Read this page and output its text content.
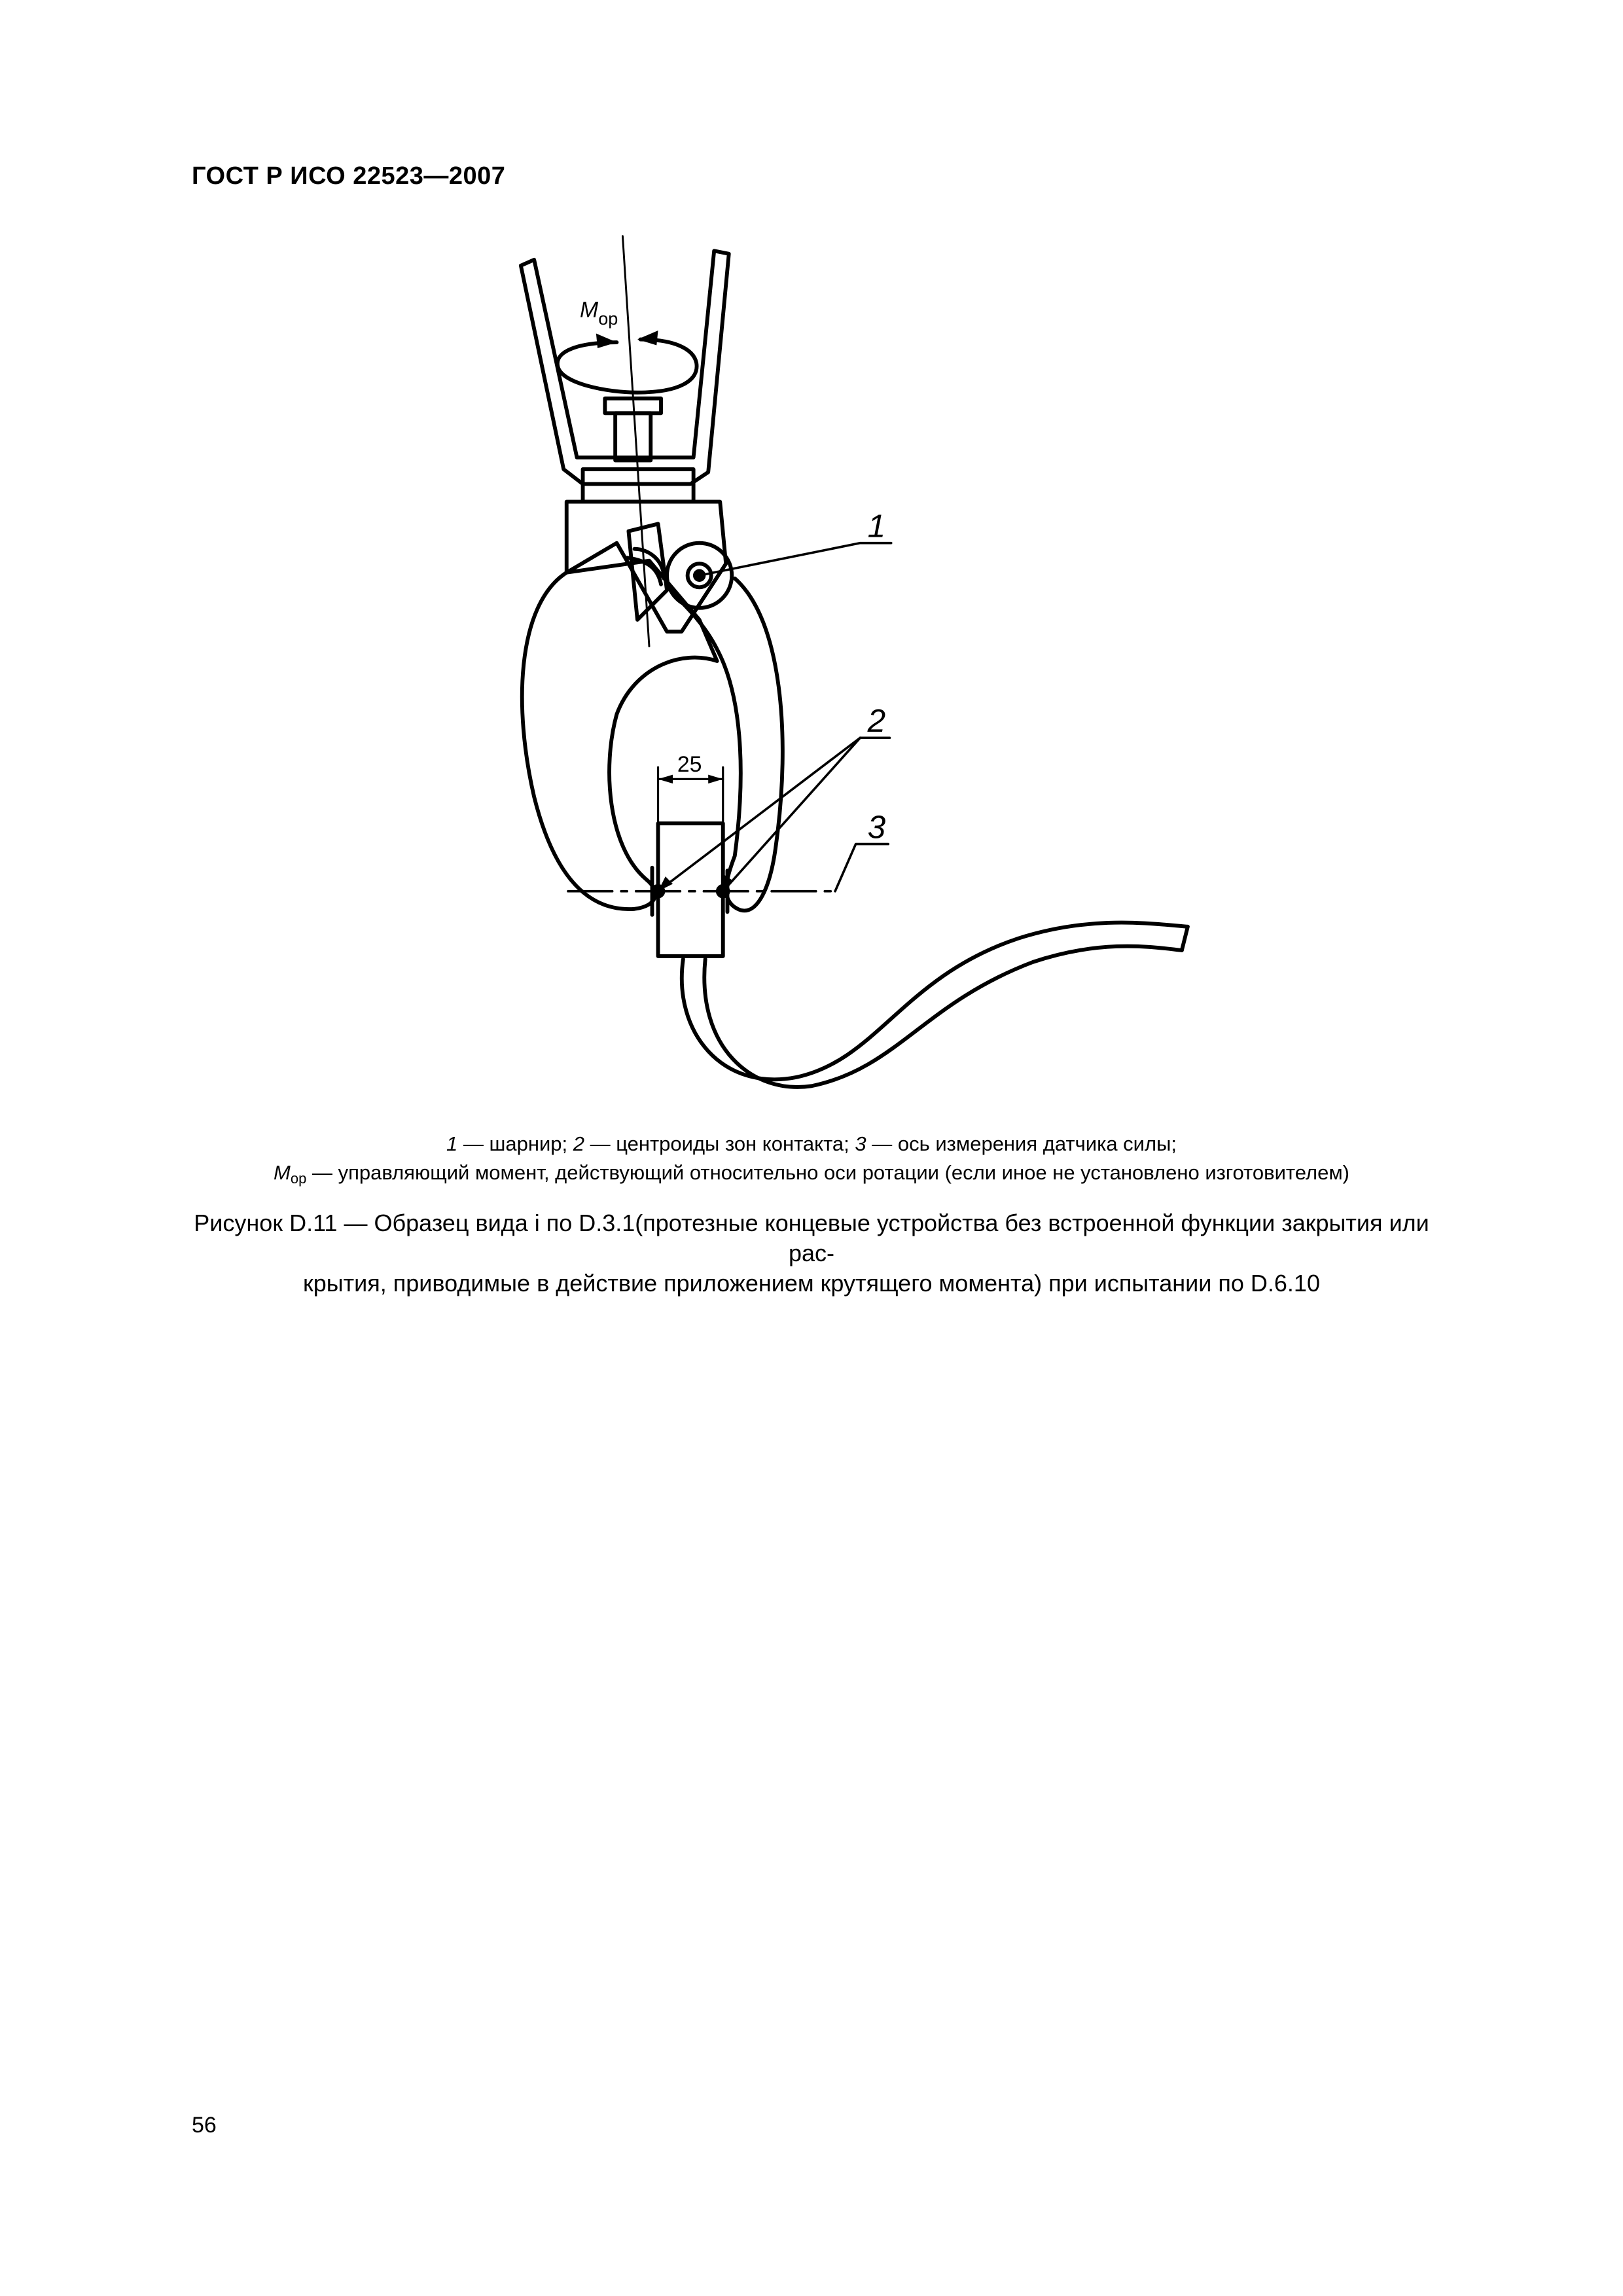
ГОСТ Р ИСО 22523—2007
1
2
3
25
$M_{ор}$
1 — шарнир; 2 — центроиды зон контакта; 3 — ось измерения датчика силы;
$M_{ор}$ — управляющий момент, действующий относительно оси ротации (если иное не установлено изготовителем)
Рисунок D.11 — Образец вида i по D.3.1(протезные концевые устройства без встроенной функции закрытия или рас-
крытия, приводимые в действие приложением крутящего момента) при испытании по D.6.10
56
